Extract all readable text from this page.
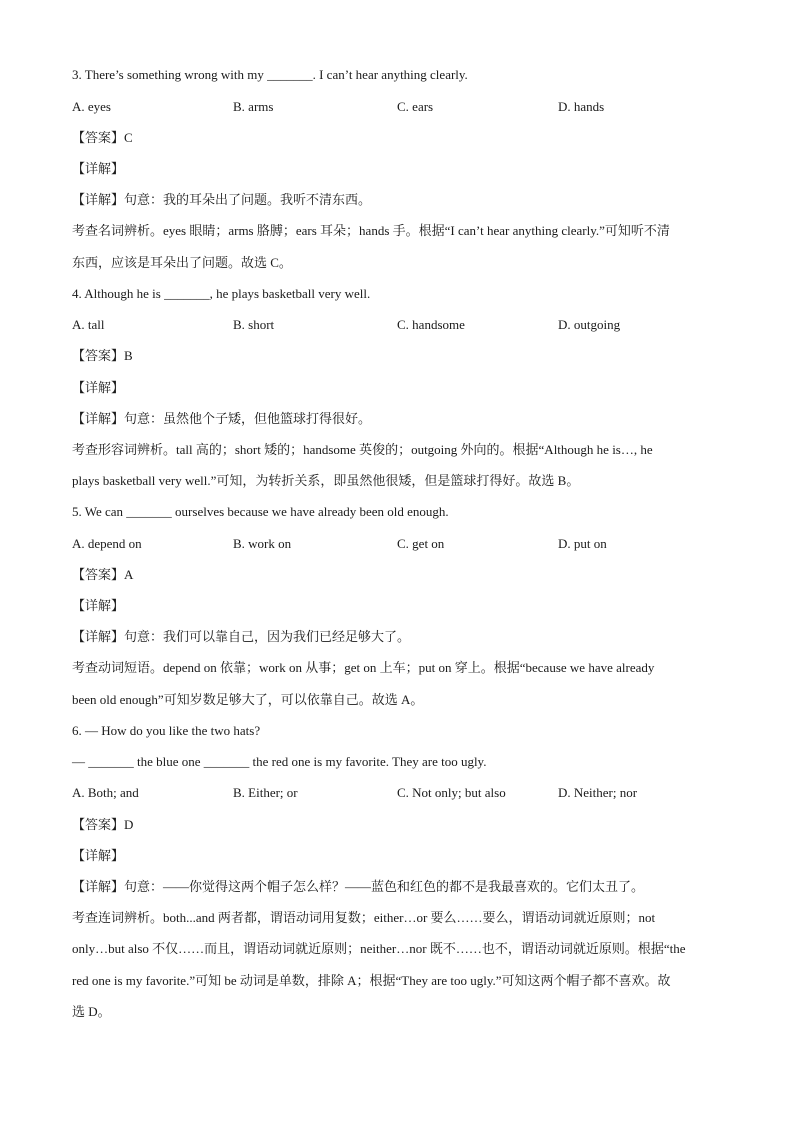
3. There’s something wrong with my _______. I can’t hear anything clearly.
A. eyes	B. arms	C. ears	D. hands
【答案】C
【详解】
【详解】句意：我的耳朵出了问题。我听不清东西。
考查名词辨析。eyes 眼睛；arms 胳膊；ears 耳朵；hands 手。根据“I can’t hear anything clearly.”可知听不清
东西，应该是耳朵出了问题。故选 C。
4. Although he is _______, he plays basketball very well.
A. tall	B. short	C. handsome	D. outgoing
【答案】B
【详解】
【详解】句意：虽然他个子矮，但他篮球打得很好。
考查形容词辨析。tall 高的；short 矮的；handsome 英俊的；outgoing 外向的。根据“Although he is…, he
plays basketball very well.”可知，为转折关系，即虽然他很矮，但是篮球打得好。故选 B。
5. We can _______ ourselves because we have already been old enough.
A. depend on	B. work on	C. get on	D. put on
【答案】A
【详解】
【详解】句意：我们可以靠自己，因为我们已经足够大了。
考查动词短语。depend on 依靠；work on 从事；get on 上车；put on 穿上。根据“because we have already
been old enough”可知岁数足够大了，可以依靠自己。故选 A。
6. — How do you like the two hats?
— _______ the blue one _______ the red one is my favorite. They are too ugly.
A. Both; and	B. Either; or	C. Not only; but also	D. Neither; nor
【答案】D
【详解】
【详解】句意：——你觉得这两个帽子怎么样？——蓝色和红色的都不是我最喜欢的。它们太丑了。
考查连词辨析。both...and 两者都，谓语动词用复数；either…or 要么……要么，谓语动词就近原则；not
only…but also 不仅……而且，谓语动词就近原则；neither…nor 既不……也不，谓语动词就近原则。根据“the
red one is my favorite.”可知 be 动词是单数，排除 A；根据“They are too ugly.”可知这两个帽子都不喜欢。故
选 D。
